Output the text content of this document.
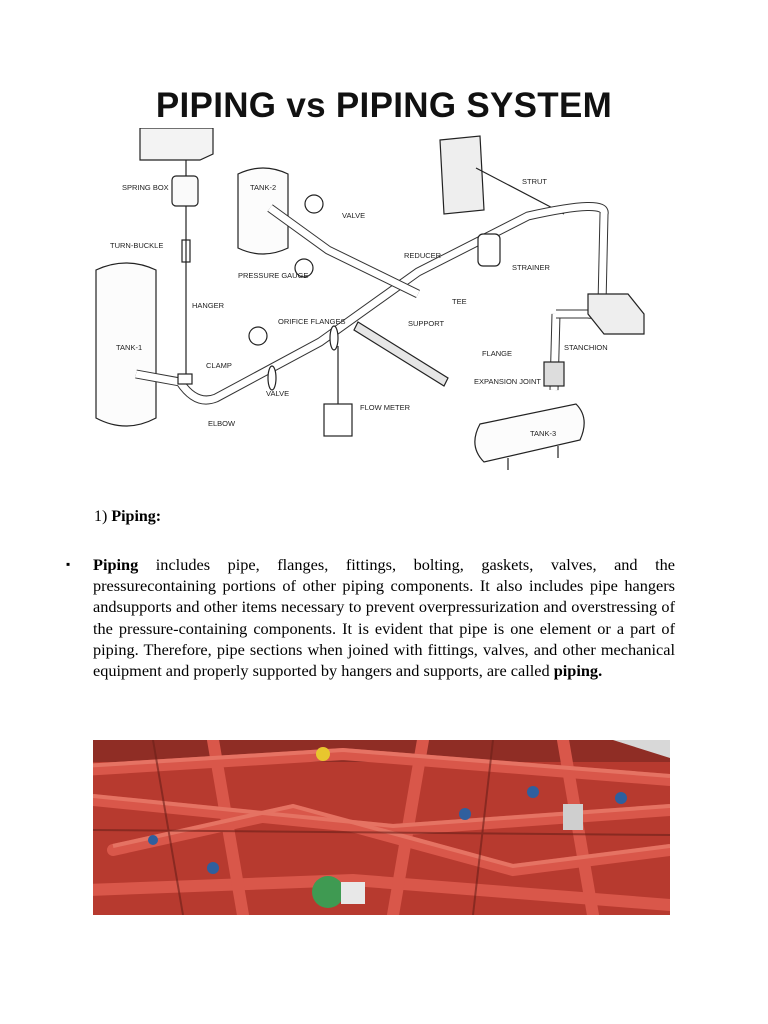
PIPING vs PIPING SYSTEM
SPRING BOX	TANK-2
VALVE
STRUT
TURN-BUCKLE
REDUCER
STRAINER
PRESSURE GAUGE
TEE
HANGER
ORIFICE FLANGES	SUPPORT
TANK-1
FLANGE
STANCHION
CLAMP
VALVE
EXPANSION JOINT
FLOW METER
ELBOW
TANK-3
1) Piping:
▪ Piping includes pipe, flanges, fittings, bolting, gaskets, valves, and the pressurecontaining portions of other piping components. It also includes pipe hangers andsupports and other items necessary to prevent overpressurization and overstressing of the pressure-containing components. It is evident that pipe is one element or a part of piping. Therefore, pipe sections when joined with fittings, valves, and other mechanical equipment and properly supported by hangers and supports, are called piping.
